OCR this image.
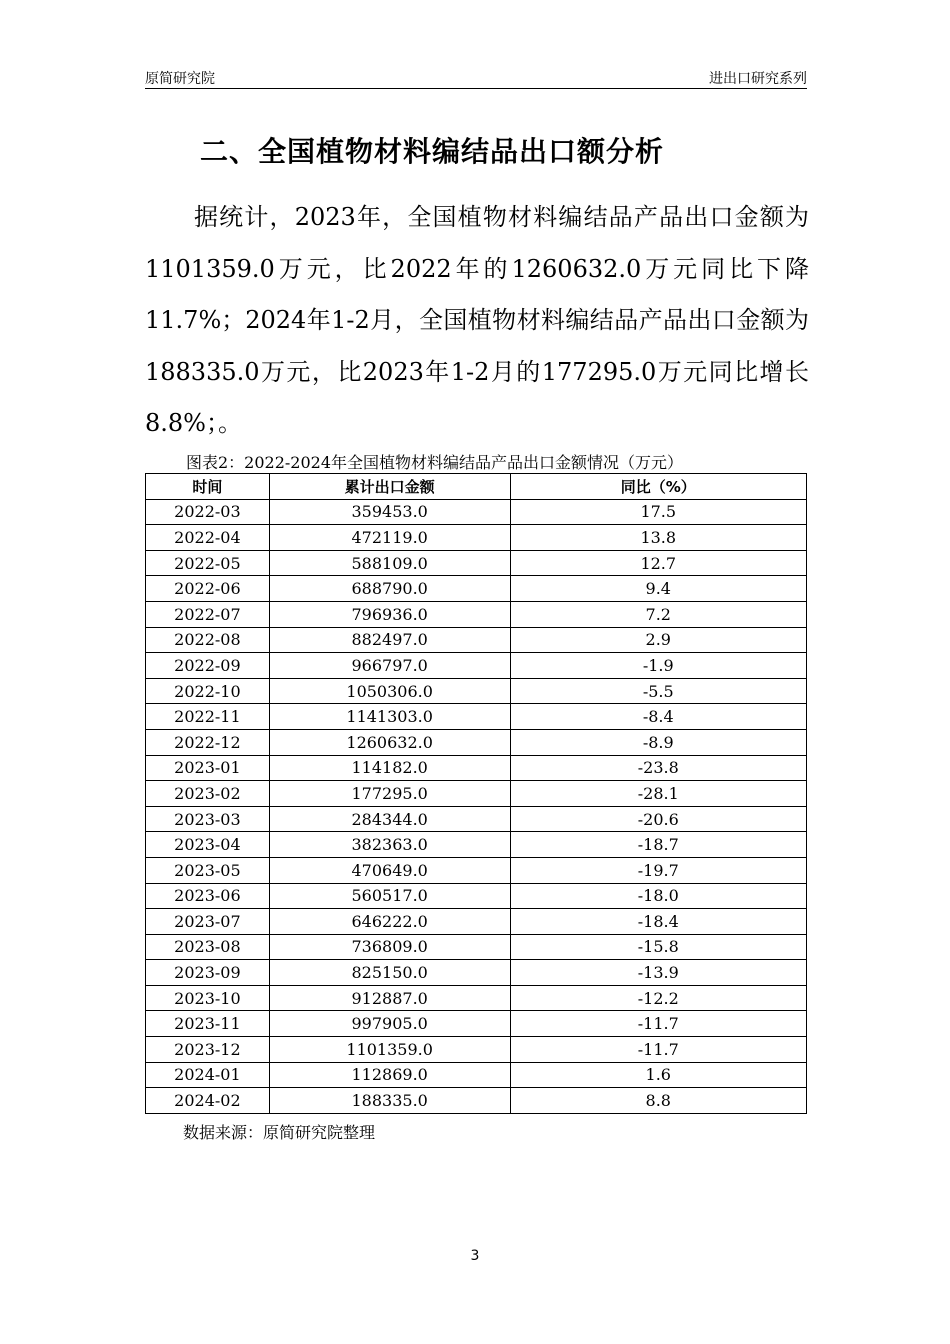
原简研究院	进出口研究系列
二、全国植物材料编结品出口额分析
据统计，2023年，全国植物材料编结品产品出口金额为1101359.0万元，比2022年的1260632.0万元同比下降11.7%；2024年1-2月，全国植物材料编结品产品出口金额为188335.0万元，比2023年1-2月的177295.0万元同比增长8.8%；。
图表2：2022-2024年全国植物材料编结品产品出口金额情况（万元）
时间	累计出口金额	同比（%）
2022-03	359453.0	17.5
2022-04	472119.0	13.8
2022-05	588109.0	12.7
2022-06	688790.0	9.4
2022-07	796936.0	7.2
2022-08	882497.0	2.9
2022-09	966797.0	-1.9
2022-10	1050306.0	-5.5
2022-11	1141303.0	-8.4
2022-12	1260632.0	-8.9
2023-01	114182.0	-23.8
2023-02	177295.0	-28.1
2023-03	284344.0	-20.6
2023-04	382363.0	-18.7
2023-05	470649.0	-19.7
2023-06	560517.0	-18.0
2023-07	646222.0	-18.4
2023-08	736809.0	-15.8
2023-09	825150.0	-13.9
2023-10	912887.0	-12.2
2023-11	997905.0	-11.7
2023-12	1101359.0	-11.7
2024-01	112869.0	1.6
2024-02	188335.0	8.8
数据来源：原简研究院整理
3
